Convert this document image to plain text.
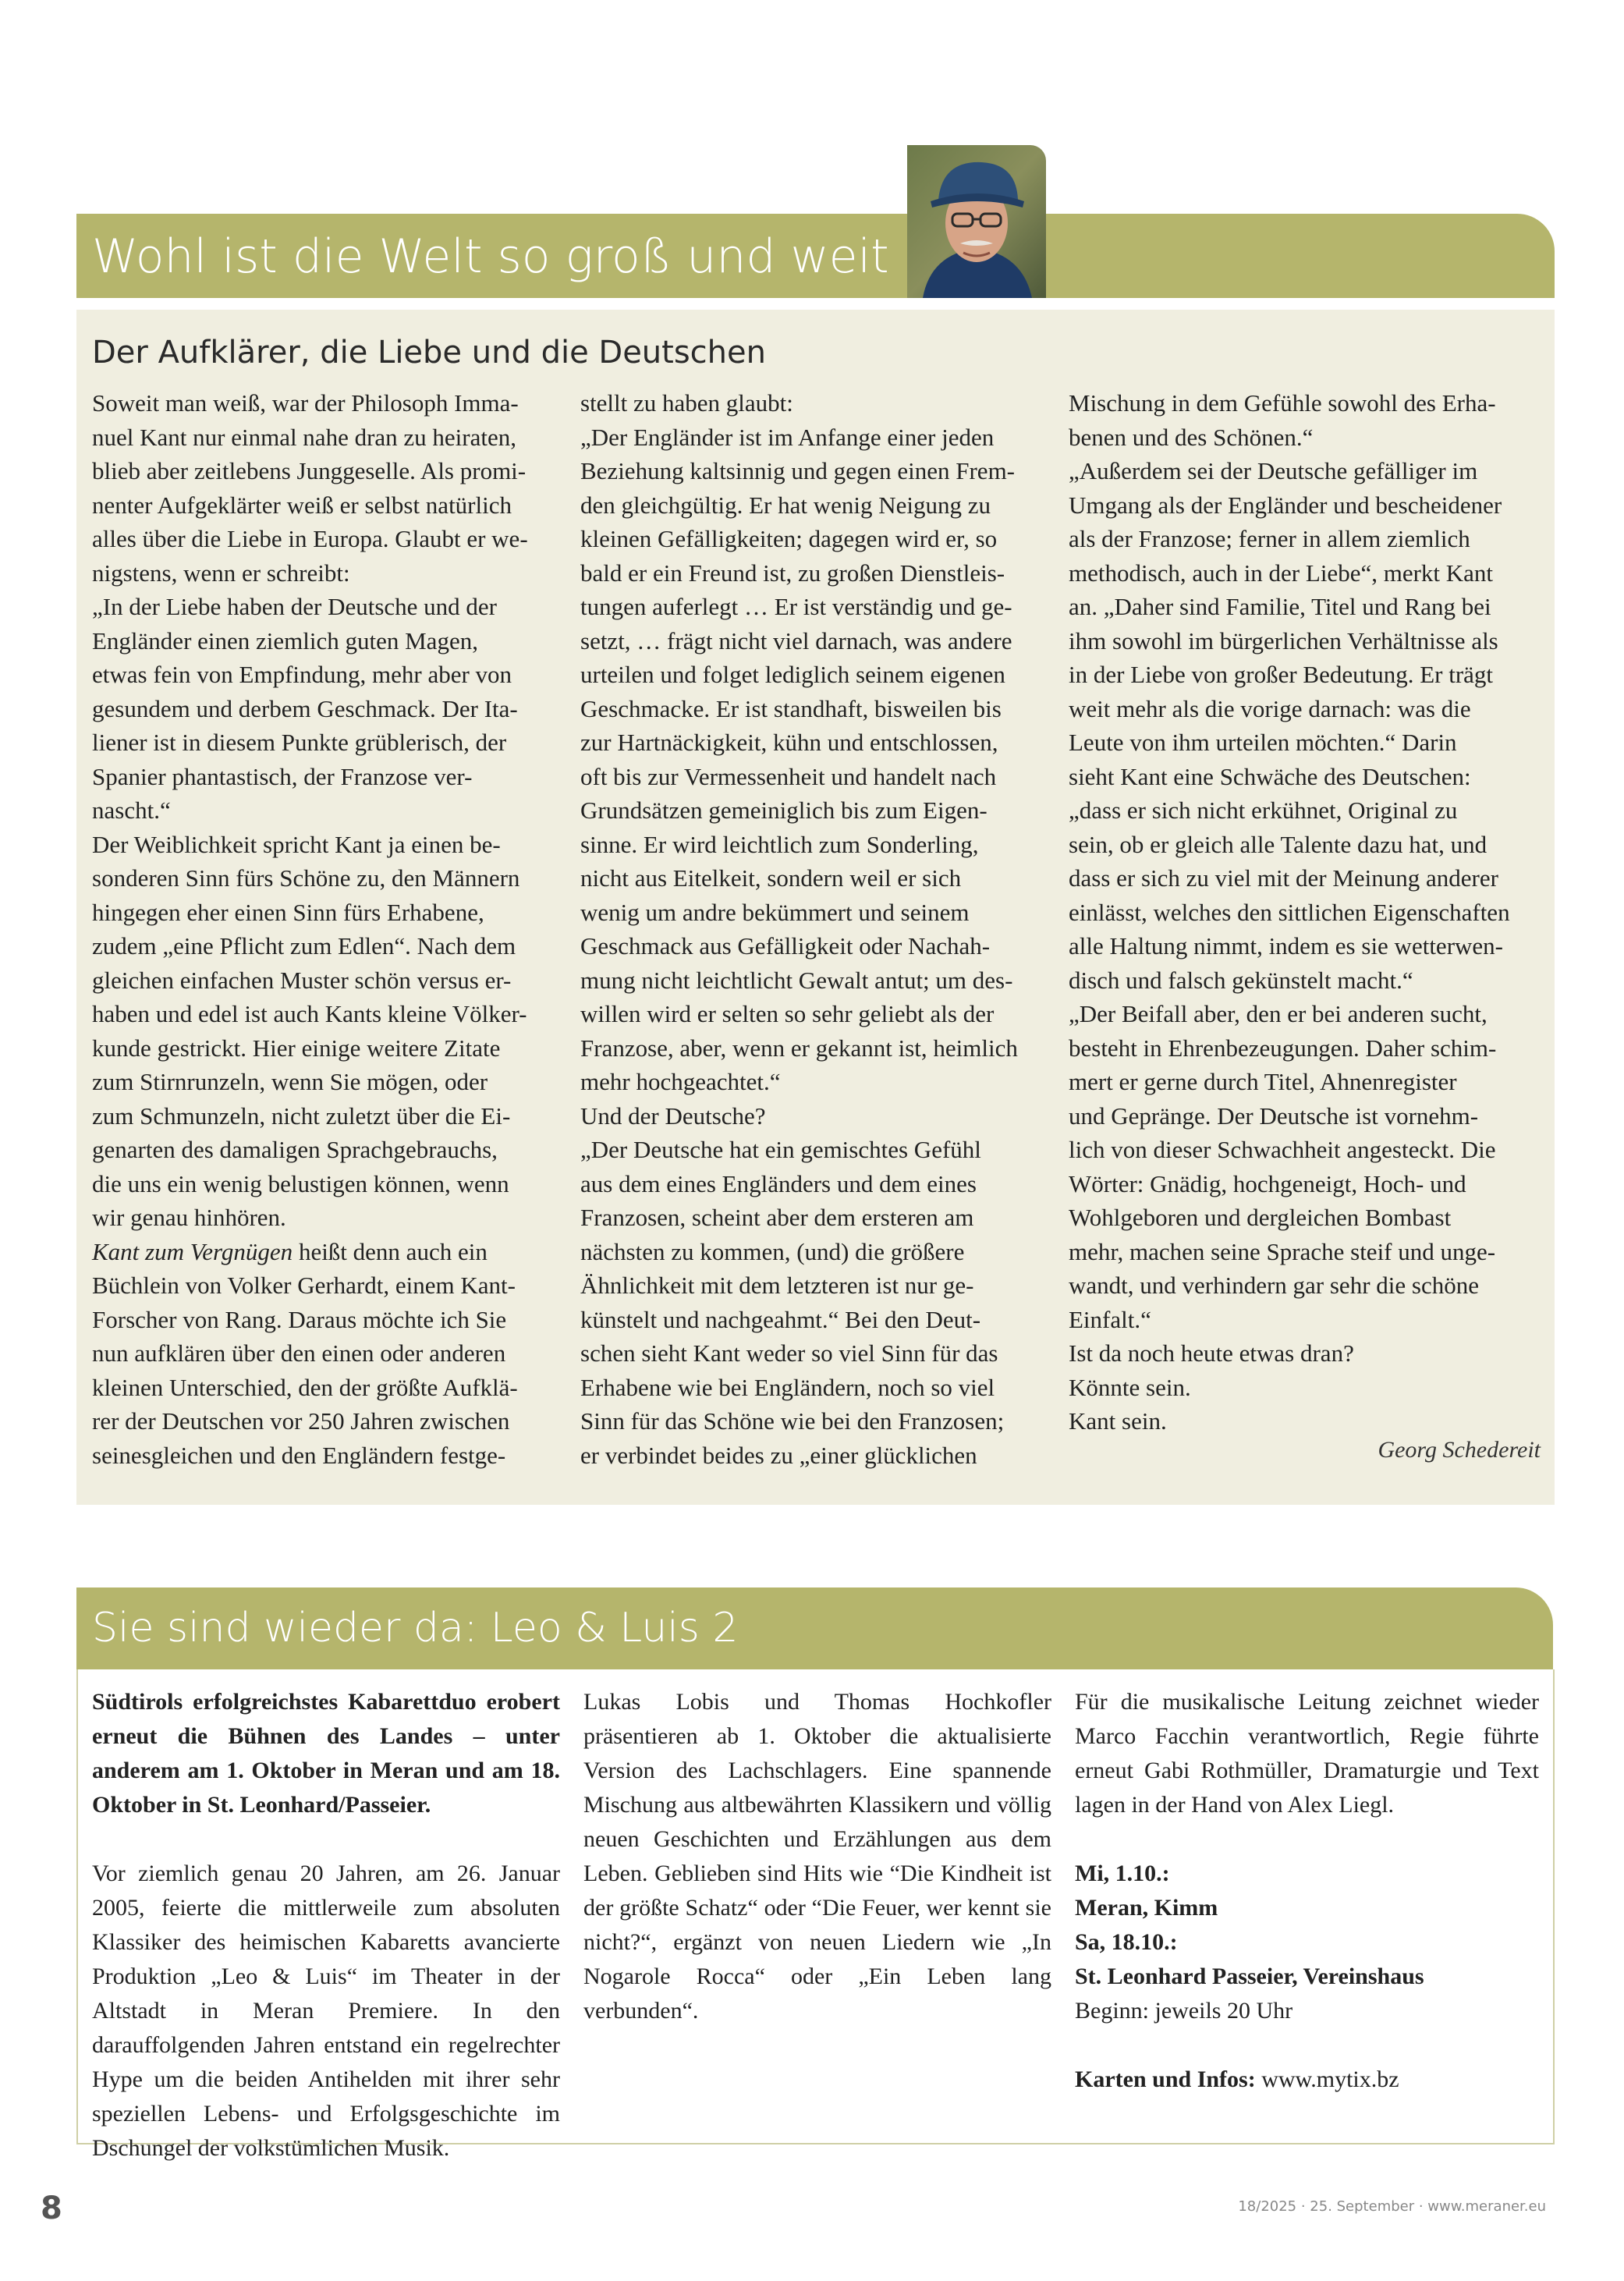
Wohl ist die Welt so groß und weit
Der Aufklärer, die Liebe und die Deutschen
Soweit man weiß, war der Philosoph Imma-
nuel Kant nur einmal nahe dran zu heiraten,
blieb aber zeitlebens Junggeselle. Als promi-
nenter Aufgeklärter weiß er selbst natürlich
alles über die Liebe in Europa. Glaubt er we-
nigstens, wenn er schreibt:
„In der Liebe haben der Deutsche und der
Engländer einen ziemlich guten Magen,
etwas fein von Empfindung, mehr aber von
gesundem und derbem Geschmack. Der Ita-
liener ist in diesem Punkte grüblerisch, der
Spanier phantastisch, der Franzose ver-
nascht.“
Der Weiblichkeit spricht Kant ja einen be-
sonderen Sinn fürs Schöne zu, den Männern
hingegen eher einen Sinn fürs Erhabene,
zudem „eine Pflicht zum Edlen“. Nach dem
gleichen einfachen Muster schön versus er-
haben und edel ist auch Kants kleine Völker-
kunde gestrickt. Hier einige weitere Zitate
zum Stirnrunzeln, wenn Sie mögen, oder
zum Schmunzeln, nicht zuletzt über die Ei-
genarten des damaligen Sprachgebrauchs,
die uns ein wenig belustigen können, wenn
wir genau hinhören.
Kant zum Vergnügen heißt denn auch ein
Büchlein von Volker Gerhardt, einem Kant-
Forscher von Rang. Daraus möchte ich Sie
nun aufklären über den einen oder anderen
kleinen Unterschied, den der größte Aufklä-
rer der Deutschen vor 250 Jahren zwischen
seinesgleichen und den Engländern festge-
stellt zu haben glaubt:
„Der Engländer ist im Anfange einer jeden
Beziehung kaltsinnig und gegen einen Frem-
den gleichgültig. Er hat wenig Neigung zu
kleinen Gefälligkeiten; dagegen wird er, so
bald er ein Freund ist, zu großen Dienstleis-
tungen auferlegt … Er ist verständig und ge-
setzt, … frägt nicht viel darnach, was andere
urteilen und folget lediglich seinem eigenen
Geschmacke. Er ist standhaft, bisweilen bis
zur Hartnäckigkeit, kühn und entschlossen,
oft bis zur Vermessenheit und handelt nach
Grundsätzen gemeiniglich bis zum Eigen-
sinne. Er wird leichtlich zum Sonderling,
nicht aus Eitelkeit, sondern weil er sich
wenig um andre bekümmert und seinem
Geschmack aus Gefälligkeit oder Nachah-
mung nicht leichtlicht Gewalt antut; um des-
willen wird er selten so sehr geliebt als der
Franzose, aber, wenn er gekannt ist, heimlich
mehr hochgeachtet.“
Und der Deutsche?
„Der Deutsche hat ein gemischtes Gefühl
aus dem eines Engländers und dem eines
Franzosen, scheint aber dem ersteren am
nächsten zu kommen, (und) die größere
Ähnlichkeit mit dem letzteren ist nur ge-
künstelt und nachgeahmt.“ Bei den Deut-
schen sieht Kant weder so viel Sinn für das
Erhabene wie bei Engländern, noch so viel
Sinn für das Schöne wie bei den Franzosen;
er verbindet beides zu „einer glücklichen
Mischung in dem Gefühle sowohl des Erha-
benen und des Schönen.“
„Außerdem sei der Deutsche gefälliger im
Umgang als der Engländer und bescheidener
als der Franzose; ferner in allem ziemlich
methodisch, auch in der Liebe“, merkt Kant
an. „Daher sind Familie, Titel und Rang bei
ihm sowohl im bürgerlichen Verhältnisse als
in der Liebe von großer Bedeutung. Er trägt
weit mehr als die vorige darnach: was die
Leute von ihm urteilen möchten.“ Darin
sieht Kant eine Schwäche des Deutschen:
„dass er sich nicht erkühnet, Original zu
sein, ob er gleich alle Talente dazu hat, und
dass er sich zu viel mit der Meinung anderer
einlässt, welches den sittlichen Eigenschaften
alle Haltung nimmt, indem es sie wetterwen-
disch und falsch gekünstelt macht.“
„Der Beifall aber, den er bei anderen sucht,
besteht in Ehrenbezeugungen. Daher schim-
mert er gerne durch Titel, Ahnenregister
und Gepränge. Der Deutsche ist vornehm-
lich von dieser Schwachheit angesteckt. Die
Wörter: Gnädig, hochgeneigt, Hoch- und
Wohlgeboren und dergleichen Bombast
mehr, machen seine Sprache steif und unge-
wandt, und verhindern gar sehr die schöne
Einfalt.“
Ist da noch heute etwas dran?
Könnte sein.
Kant sein.
Georg Schedereit
Sie sind wieder da: Leo & Luis 2

Südtirols erfolgreichstes Kabarettduo erobert erneut die Bühnen des Landes – unter anderem am 1. Oktober in Meran und am 18. Oktober in St. Leonhard/Passeier.

Vor ziemlich genau 20 Jahren, am 26. Januar 2005, feierte die mittlerweile zum absoluten Klassiker des heimischen Kabaretts avancierte Produktion „Leo & Luis“ im Theater in der Altstadt in Meran Premiere. In den darauffolgenden Jahren entstand ein regelrechter Hype um die beiden Antihelden mit ihrer sehr speziellen Lebens- und Erfolgsgeschichte im Dschungel der volkstümlichen Musik.

Lukas Lobis und Thomas Hochkofler präsentieren ab 1. Oktober die aktualisierte Version des Lachschlagers. Eine spannende Mischung aus altbewährten Klassikern und völlig neuen Geschichten und Erzählungen aus dem Leben. Geblieben sind Hits wie “Die Kindheit ist der größte Schatz“ oder “Die Feuer, wer kennt sie nicht?“, ergänzt von neuen Liedern wie „In Nogarole Rocca“ oder „Ein Leben lang verbunden“.

Für die musikalische Leitung zeichnet wieder Marco Facchin verantwortlich, Regie führte erneut Gabi Rothmüller, Dramaturgie und Text lagen in der Hand von Alex Liegl.

Mi, 1.10.:

Meran, Kimm

Sa, 18.10.:

St. Leonhard Passeier, Vereinshaus

Beginn: jeweils 20 Uhr

Karten und Infos: www.mytix.bz

8	18/2025 · 25. September · www.meraner.eu
